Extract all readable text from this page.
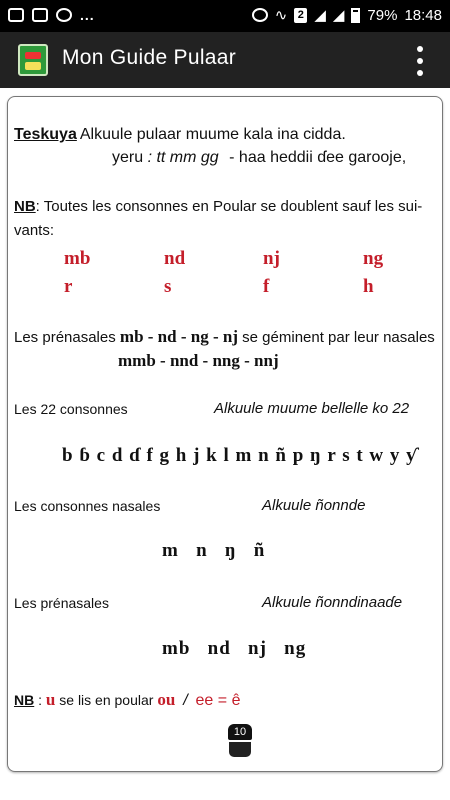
...	∿ 2 ◢ ◢ 79% 18:48
Mon Guide Pulaar
Teskuya Alkuule pulaar muume kala ina cidda.
yeru : tt mm gg - haa heddii ɗee garooje,
NB: Toutes les consonnes en Poular se doublent sauf les sui-
vants:
mb	nd	nj	ng
r	s	f	h
Les prénasales mb - nd - ng - nj se géminent par leur nasales
mmb - nnd - nng - nnj
Les 22 consonnes	Alkuule muume bellelle ko 22
b ɓ c d ɗ f g h j k l m n ñ p ŋ r s t w y ƴ
Les consonnes nasales	Alkuule ñonnde
m   n   ŋ   ñ
Les prénasales	Alkuule ñonndinaaɗe
mb   nd   nj   ng
NB : u se lis en poular ou / ee = ê
10
